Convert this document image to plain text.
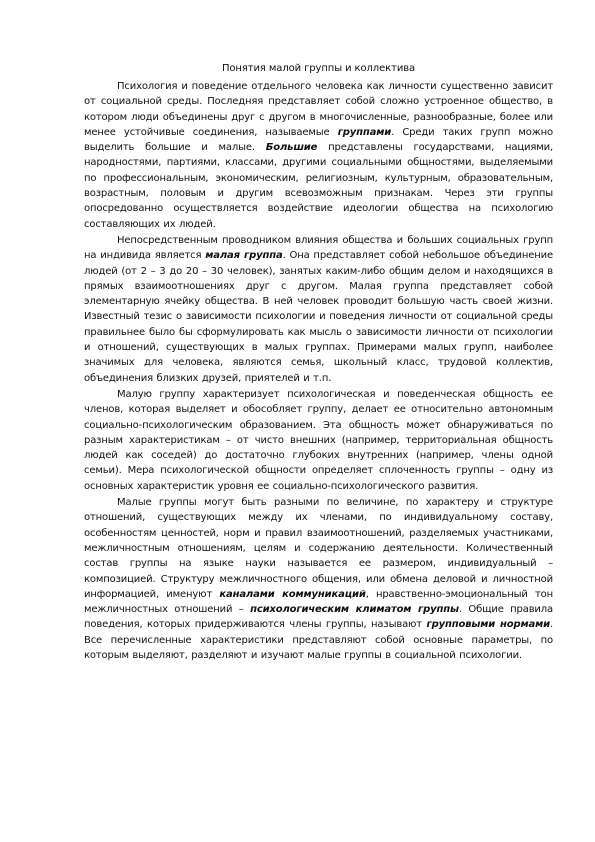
Понятия малой группы и коллектива

Психология и поведение отдельного человека как личности существенно зависит от социальной среды. Последняя представляет собой сложно устроенное общество, в котором люди объединены друг с другом в многочисленные, разнообразные, более или менее устойчивые соединения, называемые группами. Среди таких групп можно выделить большие и малые. Большие представлены государствами, нациями, народностями, партиями, классами, другими социальными общностями, выделяемыми по профессиональным, экономическим, религиозным, культурным, образовательным, возрастным, половым и другим всевозможным признакам. Через эти группы опосредованно осуществляется воздействие идеологии общества на психологию составляющих их людей.

Непосредственным проводником влияния общества и больших социальных групп на индивида является малая группа. Она представляет собой небольшое объединение людей (от 2 – 3 до 20 – 30 человек), занятых каким-либо общим делом и находящихся в прямых взаимоотношениях друг с другом. Малая группа представляет собой элементарную ячейку общества. В ней человек проводит большую часть своей жизни. Известный тезис о зависимости психологии и поведения личности от социальной среды правильнее было бы сформулировать как мысль о зависимости личности от психологии и отношений, существующих в малых группах. Примерами малых групп, наиболее значимых для человека, являются семья, школьный класс, трудовой коллектив, объединения близких друзей, приятелей и т.п.

Малую группу характеризует психологическая и поведенческая общность ее членов, которая выделяет и обособляет группу, делает ее относительно автономным социально-психологическим образованием. Эта общность может обнаруживаться по разным характеристикам – от чисто внешних (например, территориальная общность людей как соседей) до достаточно глубоких внутренних (например, члены одной семьи). Мера психологической общности определяет сплоченность группы – одну из основных характеристик уровня ее социально-психологического развития.

Малые группы могут быть разными по величине, по характеру и структуре отношений, существующих между их членами, по индивидуальному составу, особенностям ценностей, норм и правил взаимоотношений, разделяемых участниками, межличностным отношениям, целям и содержанию деятельности. Количественный состав группы на языке науки называется ее размером, индивидуальный – композицией. Структуру межличностного общения, или обмена деловой и личностной информацией, именуют каналами коммуникаций, нравственно-эмоциональный тон межличностных отношений – психологическим климатом группы. Общие правила поведения, которых придерживаются члены группы, называют групповыми нормами. Все перечисленные характеристики представляют собой основные параметры, по которым выделяют, разделяют и изучают малые группы в социальной психологии.
